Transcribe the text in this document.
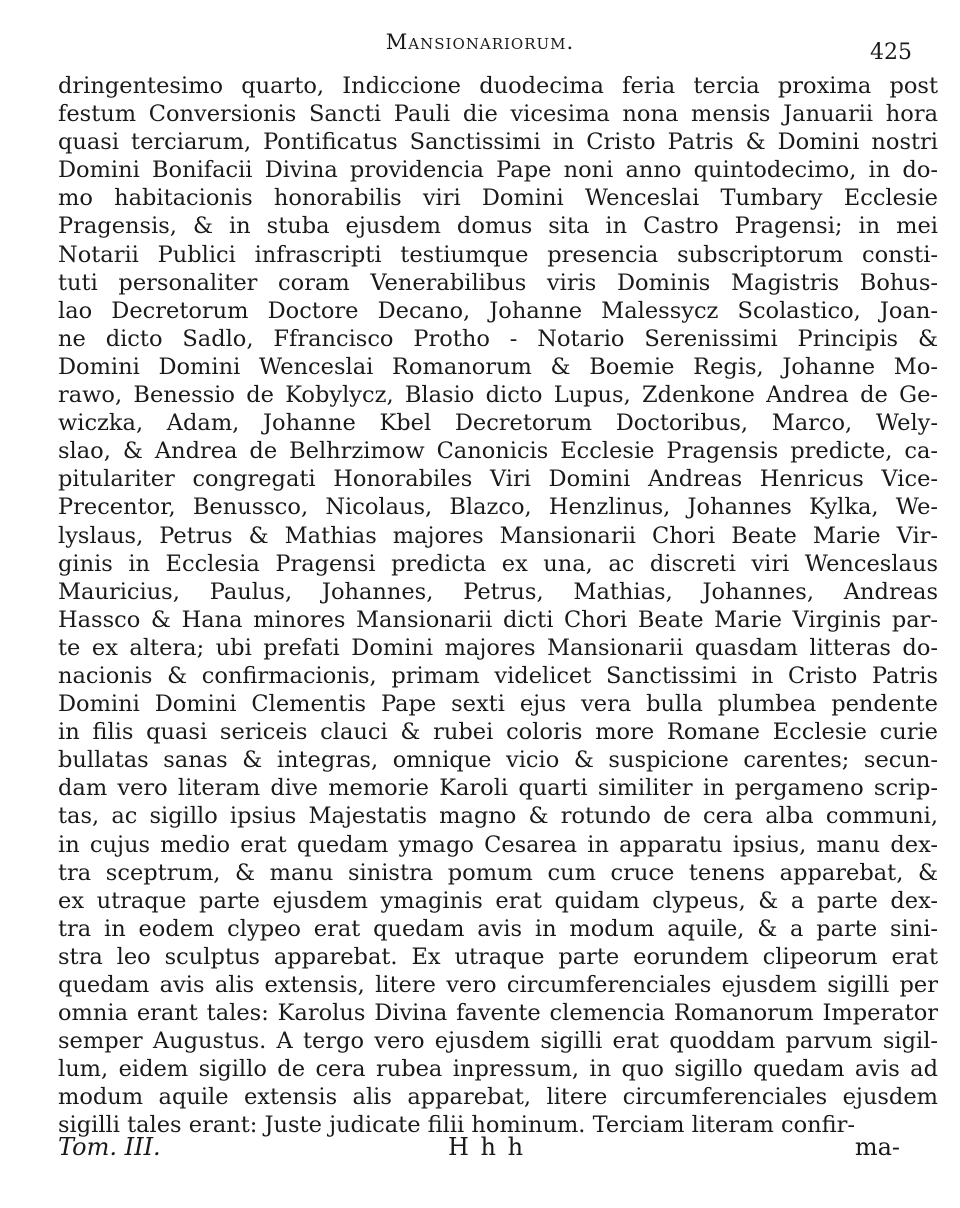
Mansionariorum.	425

dringentesimo quarto, Indiccione duodecima feria tercia proxima post

festum Conversionis Sancti Pauli die vicesima nona mensis Januarii hora

quasi terciarum, Pontificatus Sanctissimi in Cristo Patris & Domini nostri

Domini Bonifacii Divina providencia Pape noni anno quintodecimo, in do-

mo habitacionis honorabilis viri Domini Wenceslai Tumbary Ecclesie

Pragensis, & in stuba ejusdem domus sita in Castro Pragensi; in mei

Notarii Publici infrascripti testiumque presencia subscriptorum consti-

tuti personaliter coram Venerabilibus viris Dominis Magistris Bohus-

lao Decretorum Doctore Decano, Johanne Malessycz Scolastico, Joan-

ne dicto Sadlo, Ffrancisco Protho - Notario Serenissimi Principis &

Domini Domini Wenceslai Romanorum & Boemie Regis, Johanne Mo-

rawo, Benessio de Kobylycz, Blasio dicto Lupus, Zdenkone Andrea de Ge-

wiczka, Adam, Johanne Kbel Decretorum Doctoribus, Marco, Wely-

slao, & Andrea de Belhrzimow Canonicis Ecclesie Pragensis predicte, ca-

pitulariter congregati Honorabiles Viri Domini Andreas Henricus Vice-

Precentor, Benussco, Nicolaus, Blazco, Henzlinus, Johannes Kylka, We-

lyslaus, Petrus & Mathias majores Mansionarii Chori Beate Marie Vir-

ginis in Ecclesia Pragensi predicta ex una, ac discreti viri Wenceslaus

Mauricius, Paulus, Johannes, Petrus, Mathias, Johannes, Andreas

Hassco & Hana minores Mansionarii dicti Chori Beate Marie Virginis par-

te ex altera; ubi prefati Domini majores Mansionarii quasdam litteras do-

nacionis & confirmacionis, primam videlicet Sanctissimi in Cristo Patris

Domini Domini Clementis Pape sexti ejus vera bulla plumbea pendente

in filis quasi sericeis clauci & rubei coloris more Romane Ecclesie curie

bullatas sanas & integras, omnique vicio & suspicione carentes; secun-

dam vero literam dive memorie Karoli quarti similiter in pergameno scrip-

tas, ac sigillo ipsius Majestatis magno & rotundo de cera alba communi,

in cujus medio erat quedam ymago Cesarea in apparatu ipsius, manu dex-

tra sceptrum, & manu sinistra pomum cum cruce tenens apparebat, &

ex utraque parte ejusdem ymaginis erat quidam clypeus, & a parte dex-

tra in eodem clypeo erat quedam avis in modum aquile, & a parte sini-

stra leo sculptus apparebat. Ex utraque parte eorundem clipeorum erat

quedam avis alis extensis, litere vero circumferenciales ejusdem sigilli per

omnia erant tales: Karolus Divina favente clemencia Romanorum Imperator

semper Augustus. A tergo vero ejusdem sigilli erat quoddam parvum sigil-

lum, eidem sigillo de cera rubea inpressum, in quo sigillo quedam avis ad

modum aquile extensis alis apparebat, litere circumferenciales ejusdem

sigilli tales erant: Juste judicate filii hominum. Terciam literam confir-

Tom. III.	H h h	ma-
